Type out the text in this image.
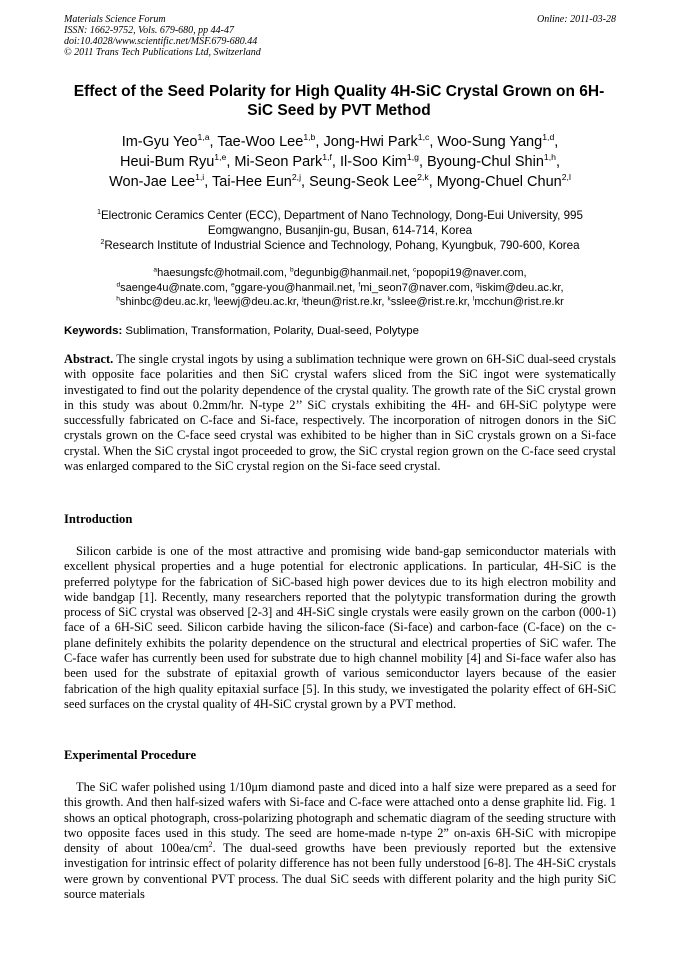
Materials Science Forum
ISSN: 1662-9752, Vols. 679-680, pp 44-47
doi:10.4028/www.scientific.net/MSF.679-680.44
© 2011 Trans Tech Publications Ltd, Switzerland
Online: 2011-03-28
Effect of the Seed Polarity for High Quality 4H-SiC Crystal Grown on 6H-
SiC Seed by PVT Method
Im-Gyu Yeo$^{1,a}$, Tae-Woo Lee$^{1,b}$, Jong-Hwi Park$^{1,c}$, Woo-Sung Yang$^{1,d}$,
Heui-Bum Ryu$^{1,e}$, Mi-Seon Park$^{1,f}$, Il-Soo Kim$^{1,g}$, Byoung-Chul Shin$^{1,h}$,
Won-Jae Lee$^{1,i}$, Tai-Hee Eun$^{2,j}$, Seung-Seok Lee$^{2,k}$, Myong-Chuel Chun$^{2,l}$
$^1$Electronic Ceramics Center (ECC), Department of Nano Technology, Dong-Eui University, 995
Eomgwangno, Busanjin-gu, Busan, 614-714, Korea
$^2$Research Institute of Industrial Science and Technology, Pohang, Kyungbuk, 790-600, Korea
$^a$haesungsfc@hotmail.com, $^b$degunbig@hanmail.net, $^c$popopi19@naver.com,
$^d$saenge4u@nate.com, $^e$ggare-you@hanmail.net, $^f$mi_seon7@naver.com, $^g$iskim@deu.ac.kr,
$^h$shinbc@deu.ac.kr, $^i$leewj@deu.ac.kr, $^j$theun@rist.re.kr, $^k$sslee@rist.re.kr, $^l$mcchun@rist.re.kr
Keywords: Sublimation, Transformation, Polarity, Dual-seed, Polytype
Abstract. The single crystal ingots by using a sublimation technique were grown on 6H-SiC dual-seed crystals with opposite face polarities and then SiC crystal wafers sliced from the SiC ingot were systematically investigated to find out the polarity dependence of the crystal quality. The growth rate of the SiC crystal grown in this study was about 0.2mm/hr. N-type 2’’ SiC crystals exhibiting the 4H- and 6H-SiC polytype were successfully fabricated on C-face and Si-face, respectively. The incorporation of nitrogen donors in the SiC crystals grown on the C-face seed crystal was exhibited to be higher than in SiC crystals grown on a Si-face crystal. When the SiC crystal ingot proceeded to grow, the SiC crystal region grown on the C-face seed crystal was enlarged compared to the SiC crystal region on the Si-face seed crystal.
Introduction
Silicon carbide is one of the most attractive and promising wide band-gap semiconductor materials with excellent physical properties and a huge potential for electronic applications. In particular, 4H-SiC is the preferred polytype for the fabrication of SiC-based high power devices due to its high electron mobility and wide bandgap [1]. Recently, many researchers reported that the polytypic transformation during the growth process of SiC crystal was observed [2-3] and 4H-SiC single crystals were easily grown on the carbon (000-1) face of a 6H-SiC seed. Silicon carbide having the silicon-face (Si-face) and carbon-face (C-face) on the c-plane definitely exhibits the polarity dependence on the structural and electrical properties of SiC wafer. The C-face wafer has currently been used for substrate due to high channel mobility [4] and Si-face wafer also has been used for the substrate of epitaxial growth of various semiconductor layers because of the easier fabrication of the high quality epitaxial surface [5]. In this study, we investigated the polarity effect of 6H-SiC seed surfaces on the crystal quality of 4H-SiC crystal grown by a PVT method.
Experimental Procedure
The SiC wafer polished using 1/10μm diamond paste and diced into a half size were prepared as a seed for this growth. And then half-sized wafers with Si-face and C-face were attached onto a dense graphite lid. Fig. 1 shows an optical photograph, cross-polarizing photograph and schematic diagram of the seeding structure with two opposite faces used in this study. The seed are home-made n-type 2” on-axis 6H-SiC with micropipe density of about $100ea/cm^2$. The dual-seed growths have been previously reported but the extensive investigation for intrinsic effect of polarity difference has not been fully understood [6-8]. The 4H-SiC crystals were grown by conventional PVT process. The dual SiC seeds with different polarity and the high purity SiC source materials
